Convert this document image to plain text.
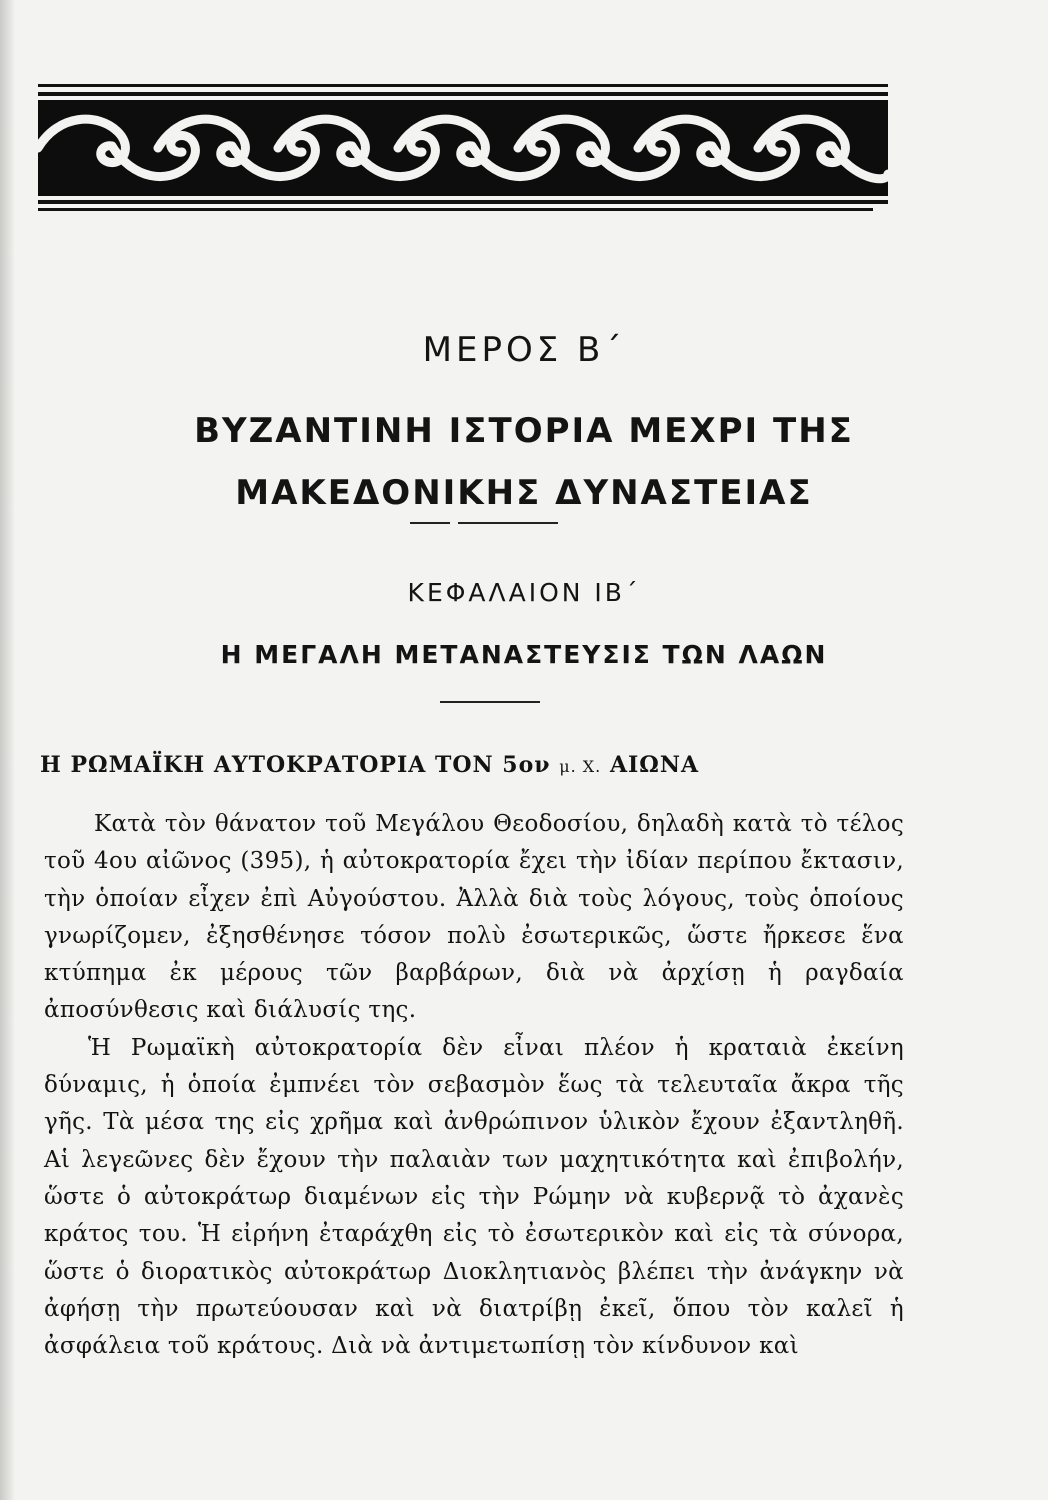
ΜΕΡΟΣ Β΄
ΒΥΖΑΝΤΙΝΗ ΙΣΤΟΡΙΑ ΜΕΧΡΙ ΤΗΣ
ΜΑΚΕΔΟΝΙΚΗΣ ΔΥΝΑΣΤΕΙΑΣ
ΚΕΦΑΛΑΙΟΝ ΙΒ΄
Η ΜΕΓΑΛΗ ΜΕΤΑΝΑΣΤΕΥΣΙΣ ΤΩΝ ΛΑΩΝ
Η ΡΩΜΑΪΚΗ ΑΥΤΟΚΡΑΤΟΡΙΑ ΤΟΝ 5ον μ. Χ. ΑΙΩΝΑ

Κατὰ τὸν θάνατον τοῦ Μεγάλου Θεοδοσίου, δηλαδὴ κατὰ τὸ τέλος τοῦ 4ου αἰῶνος (395), ἡ αὐτοκρατορία ἔχει τὴν ἰδίαν περίπου ἔκτασιν, τὴν ὁποίαν εἶχεν ἐπὶ Αὐγούστου. Ἀλλὰ διὰ τοὺς λόγους, τοὺς ὁποίους γνωρίζομεν, ἐξησθένησε τόσον πολὺ ἐσωτερικῶς, ὥστε ἤρκεσε ἕνα κτύπημα ἐκ μέρους τῶν βαρβάρων, διὰ νὰ ἀρχίσῃ ἡ ραγδαία ἀποσύνθεσις καὶ διάλυσίς της.

Ἡ Ρωμαϊκὴ αὐτοκρατορία δὲν εἶναι πλέον ἡ κραταιὰ ἐκείνη δύναμις, ἡ ὁποία ἐμπνέει τὸν σεβασμὸν ἕως τὰ τελευταῖα ἄκρα τῆς γῆς. Τὰ μέσα της εἰς χρῆμα καὶ ἀνθρώπινον ὑλικὸν ἔχουν ἐξαντληθῆ. Αἱ λεγεῶνες δὲν ἔχουν τὴν παλαιὰν των μαχητικότητα καὶ ἐπιβολήν, ὥστε ὁ αὐτοκράτωρ διαμένων εἰς τὴν Ρώμην νὰ κυβερνᾷ τὸ ἀχανὲς κράτος του. Ἡ εἰρήνη ἐταράχθη εἰς τὸ ἐσωτερικὸν καὶ εἰς τὰ σύνορα, ὥστε ὁ διορατικὸς αὐτοκράτωρ Διοκλητιανὸς βλέπει τὴν ἀνάγκην νὰ ἀφήσῃ τὴν πρωτεύουσαν καὶ νὰ διατρίβῃ ἐκεῖ, ὅπου τὸν καλεῖ ἡ ἀσφάλεια τοῦ κράτους. Διὰ νὰ ἀντιμετωπίσῃ τὸν κίνδυνον καὶ
